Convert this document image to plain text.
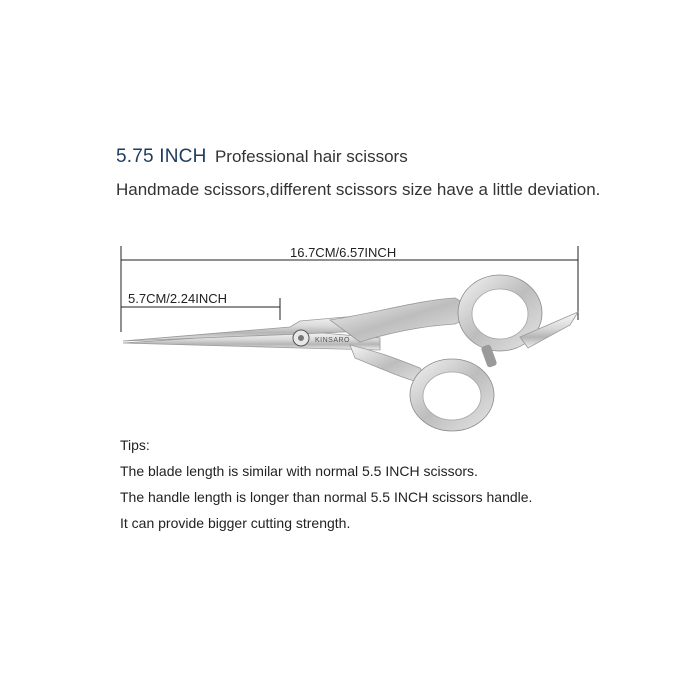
5.75 INCH Professional hair scissors
Handmade scissors,different scissors size have a little deviation.
KINSARO
16.7CM/6.57INCH
5.7CM/2.24INCH
Tips:
The blade length is similar with normal 5.5 INCH scissors.
The handle length is longer than normal 5.5 INCH scissors handle.
It can provide bigger cutting strength.
